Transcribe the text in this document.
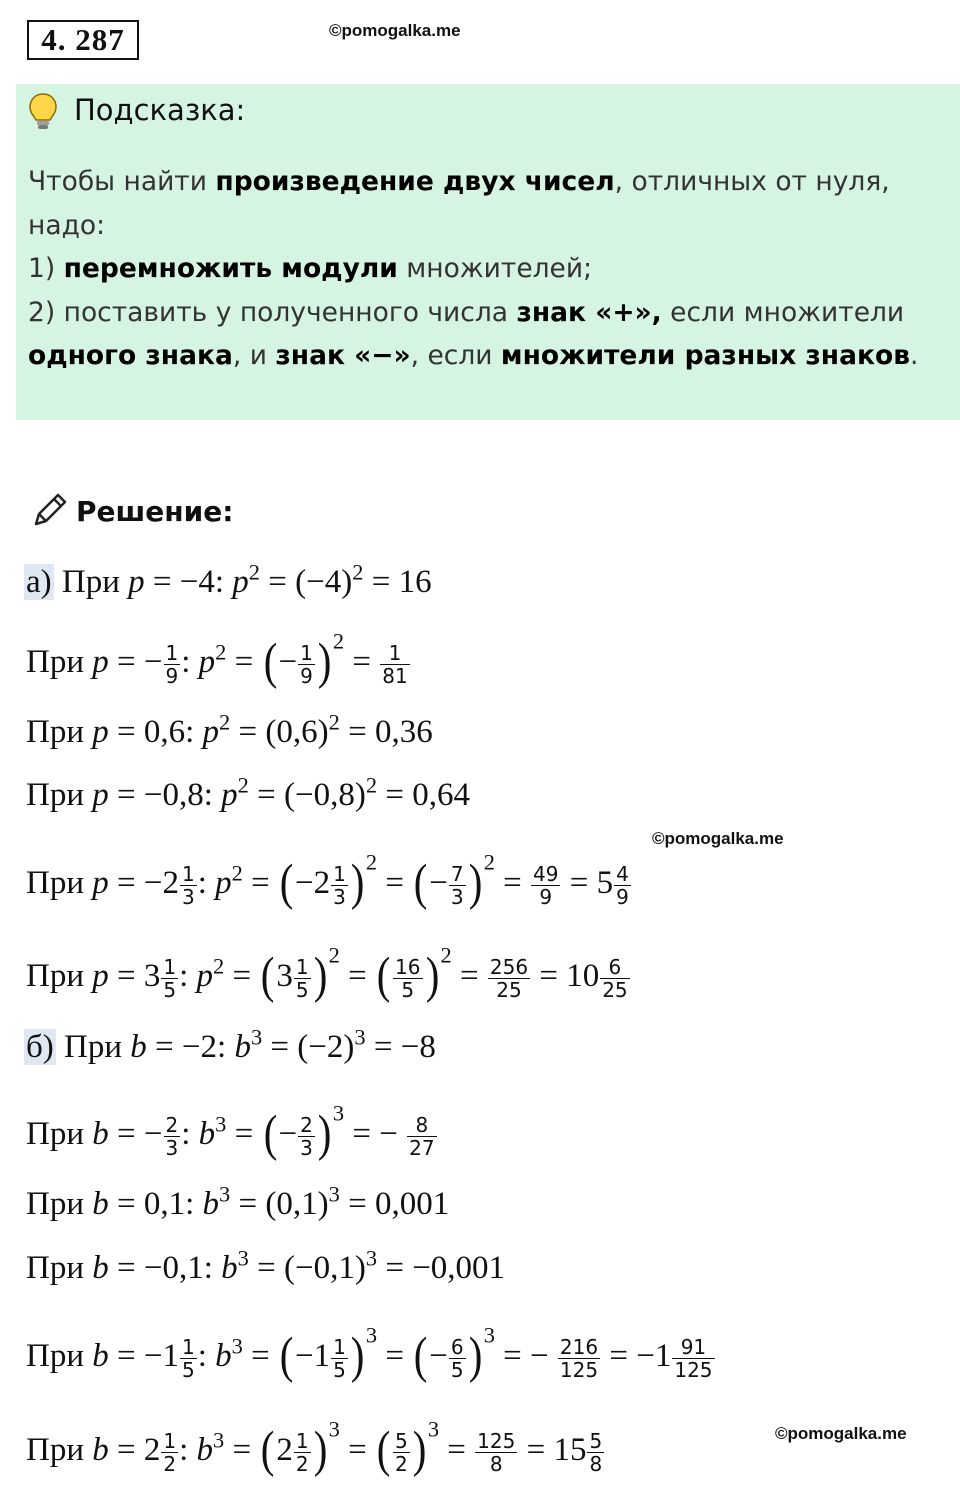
4. 287	©pomogalka.me
©pomogalka.me
©pomogalka.me
Подсказка:
Чтобы найти произведение двух чисел, отличных от нуля, надо:
1) перемножить модули множителей;
2) поставить у полученного числа знак «+», если множители одного знака, и знак «−», если множители разных знаков.
Решение:
а) При p = −4: $p^2 = (-4)^2 = 16$
При p = − $\frac{1}{9}$ : $p^2$ = (− $\frac{1}{9} )^2 = \frac{1}{81}$
При p = 0,6: $p^2 = (0,6)^2 = 0,36$
При p = −0,8: $p^2 = (-0,8)^2 = 0,64$
При $p = -2 \frac{1}{3}$ : $p^2 = (-2 \frac{1}{3} )^2$ = (− $\frac{7}{3} )^2 = \frac{49}{9} = 5 \frac{4}{9}$
При $p = 3 \frac{1}{5}$ : $p^2 = (3 \frac{1}{5} )^2$ = ( $\frac{16}{5} )^2 = \frac{256}{25} = 10 \frac{6}{25}$
б) При b = −2: $b^3 = (-2)^3 = -8$
При b = − $\frac{2}{3}$ : $b^3$ = (− $\frac{2}{3} )^3$ = − $\frac{8}{27}$
При b = 0,1: $b^3 = (0,1)^3 = 0,001$
При b = −0,1: $b^3 = (-0,1)^3 = -0,001$
При $b = -1 \frac{1}{5}$ : $b^3 = (-1 \frac{1}{5} )^3$ = (− $\frac{6}{5} )^3$ = − $\frac{216}{125} = -1 \frac{91}{125}$
При $b = 2 \frac{1}{2}$ : $b^3 = (2 \frac{1}{2} )^3$ = ( $\frac{5}{2} )^3 = \frac{125}{8} = 15 \frac{5}{8}$
